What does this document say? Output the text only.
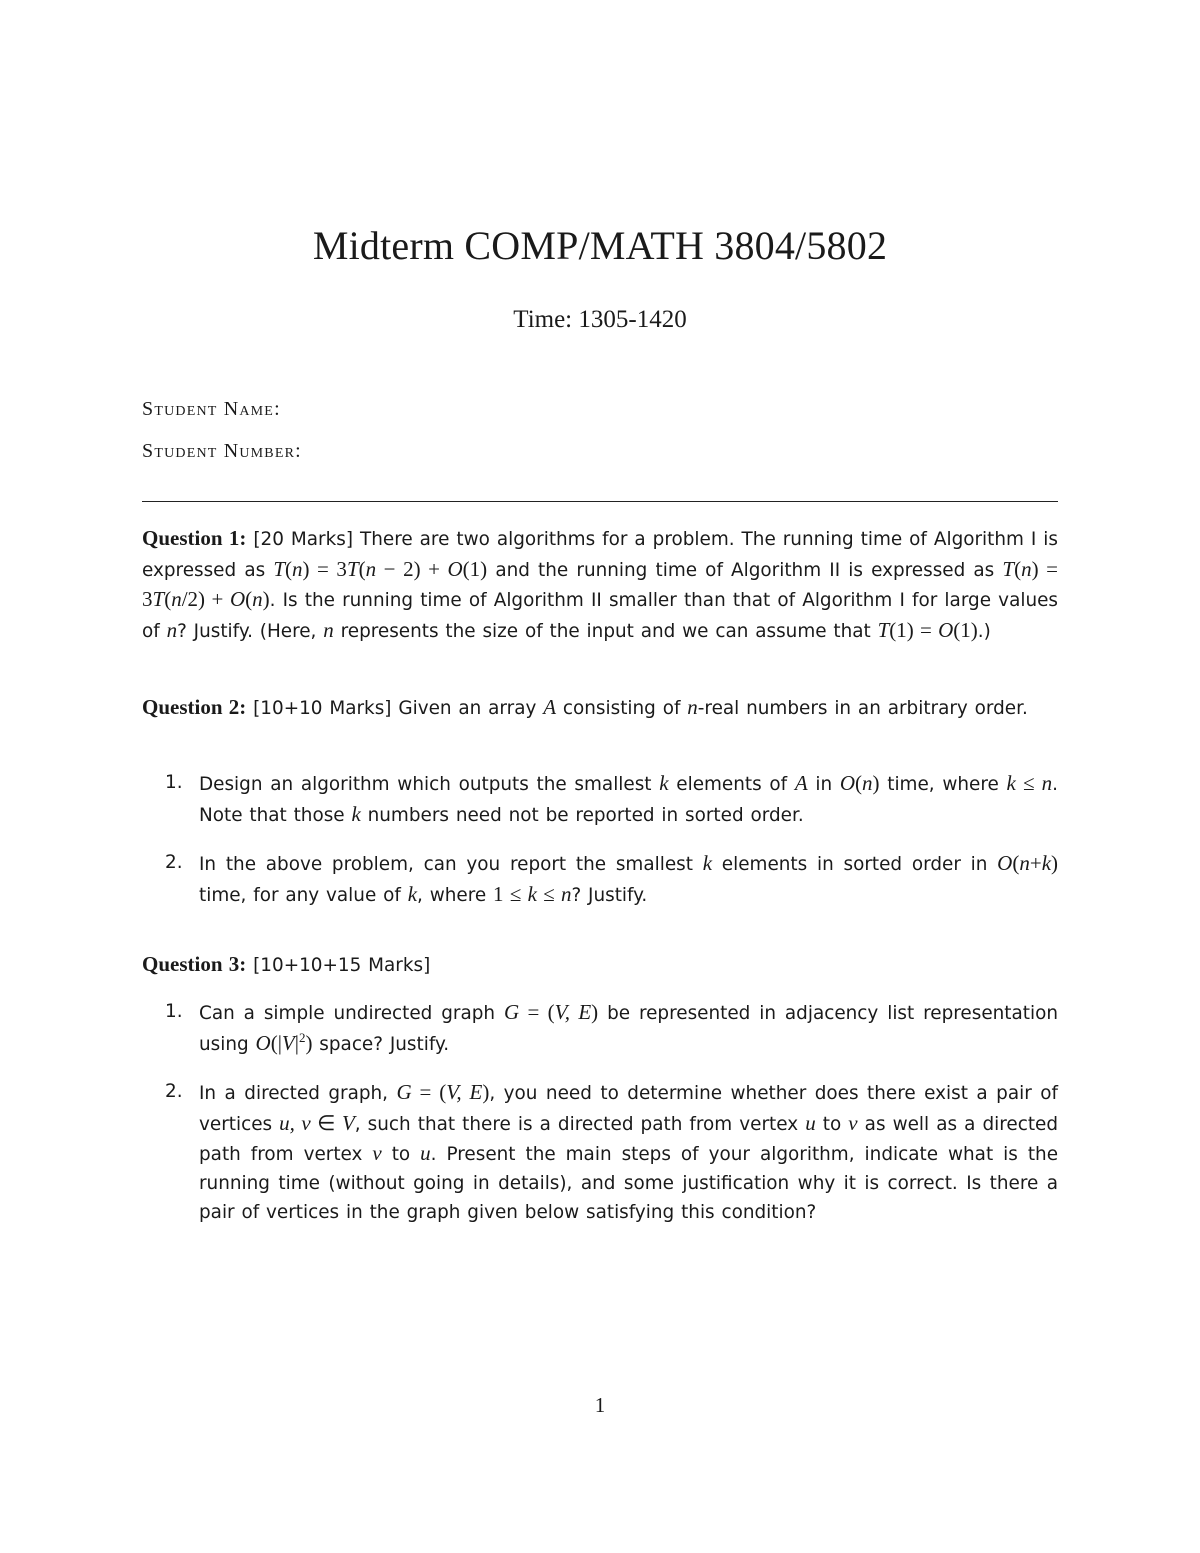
Midterm COMP/MATH 3804/5802
Time: 1305-1420
Student Name:
Student Number:
Question 1: [20 Marks] There are two algorithms for a problem. The running time of Algorithm I is expressed as T(n) = 3T(n − 2) + O(1) and the running time of Algorithm II is expressed as T(n) = 3T(n/2) + O(n). Is the running time of Algorithm II smaller than that of Algorithm I for large values of n? Justify. (Here, n represents the size of the input and we can assume that T(1) = O(1).)
Question 2: [10+10 Marks] Given an array A consisting of n-real numbers in an arbitrary order.
1. Design an algorithm which outputs the smallest k elements of A in O(n) time, where k ≤ n. Note that those k numbers need not be reported in sorted order.
2. In the above problem, can you report the smallest k elements in sorted order in O(n+k) time, for any value of k, where 1 ≤ k ≤ n? Justify.
Question 3: [10+10+15 Marks]
1. Can a simple undirected graph G = (V, E) be represented in adjacency list representation using $O(|V|^2)$ space? Justify.
2. In a directed graph, G = (V, E), you need to determine whether does there exist a pair of vertices u, v ∈ V, such that there is a directed path from vertex u to v as well as a directed path from vertex v to u. Present the main steps of your algorithm, indicate what is the running time (without going in details), and some justification why it is correct. Is there a pair of vertices in the graph given below satisfying this condition?
1
